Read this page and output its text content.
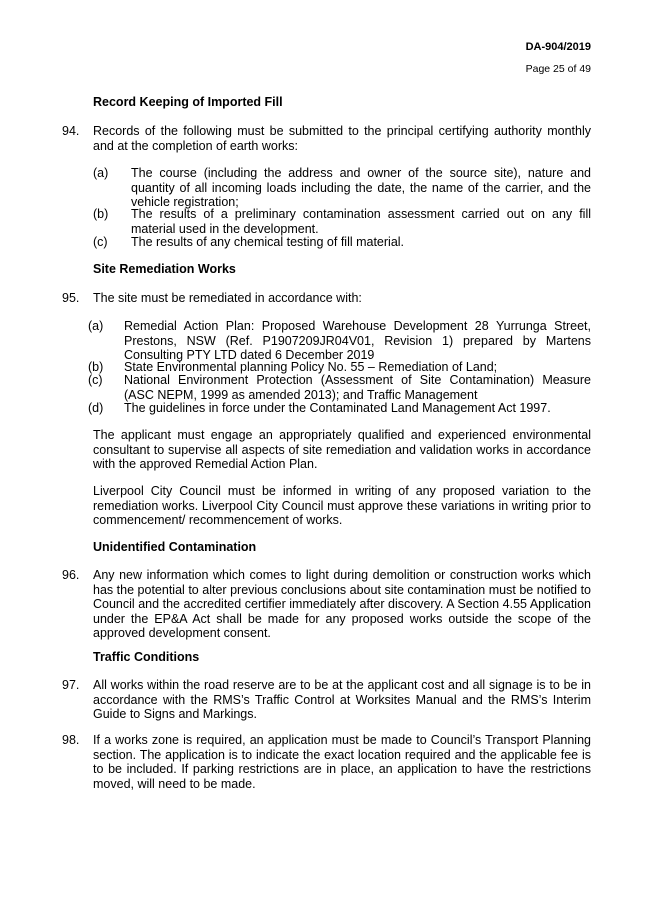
DA-904/2019
Page 25 of 49
Record Keeping of Imported Fill
94. Records of the following must be submitted to the principal certifying authority monthly and at the completion of earth works:
(a) The course (including the address and owner of the source site), nature and quantity of all incoming loads including the date, the name of the carrier, and the vehicle registration;
(b) The results of a preliminary contamination assessment carried out on any fill material used in the development.
(c) The results of any chemical testing of fill material.
Site Remediation Works
95. The site must be remediated in accordance with:
(a) Remedial Action Plan: Proposed Warehouse Development 28 Yurrunga Street, Prestons, NSW (Ref. P1907209JR04V01, Revision 1) prepared by Martens Consulting PTY LTD dated 6 December 2019
(b) State Environmental planning Policy No. 55 – Remediation of Land;
(c) National Environment Protection (Assessment of Site Contamination) Measure (ASC NEPM, 1999 as amended 2013); and Traffic Management
(d) The guidelines in force under the Contaminated Land Management Act 1997.
The applicant must engage an appropriately qualified and experienced environmental consultant to supervise all aspects of site remediation and validation works in accordance with the approved Remedial Action Plan.
Liverpool City Council must be informed in writing of any proposed variation to the remediation works. Liverpool City Council must approve these variations in writing prior to commencement/ recommencement of works.
Unidentified Contamination
96. Any new information which comes to light during demolition or construction works which has the potential to alter previous conclusions about site contamination must be notified to Council and the accredited certifier immediately after discovery. A Section 4.55 Application under the EP&A Act shall be made for any proposed works outside the scope of the approved development consent.
Traffic Conditions
97. All works within the road reserve are to be at the applicant cost and all signage is to be in accordance with the RMS’s Traffic Control at Worksites Manual and the RMS’s Interim Guide to Signs and Markings.
98. If a works zone is required, an application must be made to Council’s Transport Planning section. The application is to indicate the exact location required and the applicable fee is to be included. If parking restrictions are in place, an application to have the restrictions moved, will need to be made.
